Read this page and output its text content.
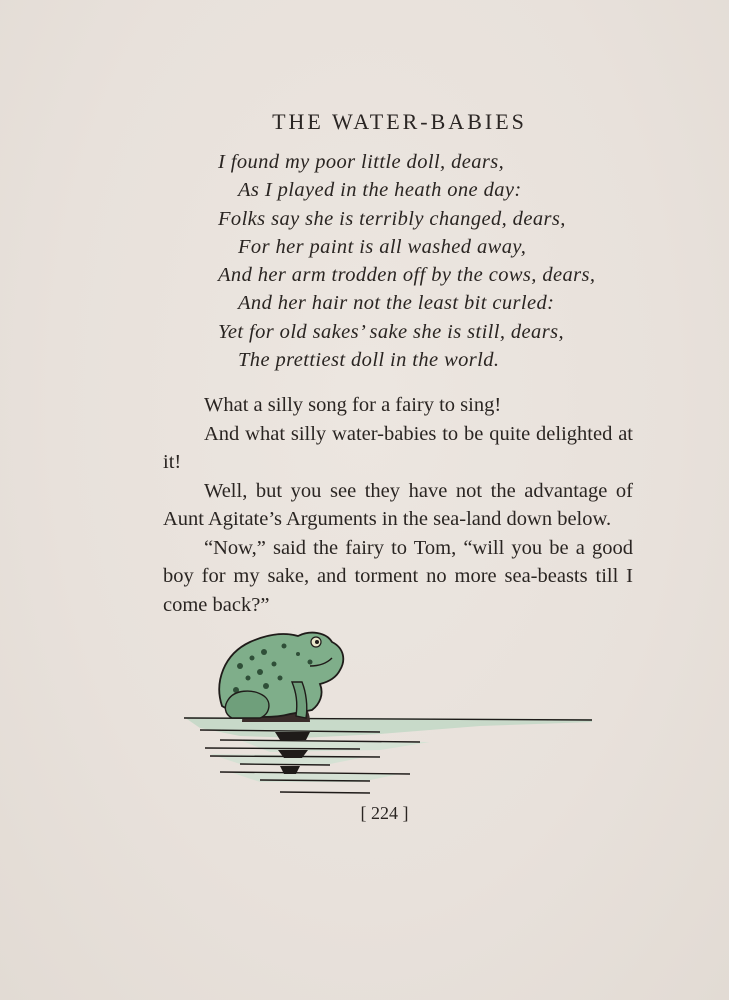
THE WATER-BABIES
I found my poor little doll, dears,
As I played in the heath one day:
Folks say she is terribly changed, dears,
For her paint is all washed away,
And her arm trodden off by the cows, dears,
And her hair not the least bit curled:
Yet for old sakes’ sake she is still, dears,
The prettiest doll in the world.

What a silly song for a fairy to sing!

And what silly water-babies to be quite delighted at it!

Well, but you see they have not the advantage of Aunt Agitate’s Arguments in the sea-land down below.

“Now,” said the fairy to Tom, “will you be a good boy for my sake, and torment no more sea-beasts till I come back?”

[ 224 ]
